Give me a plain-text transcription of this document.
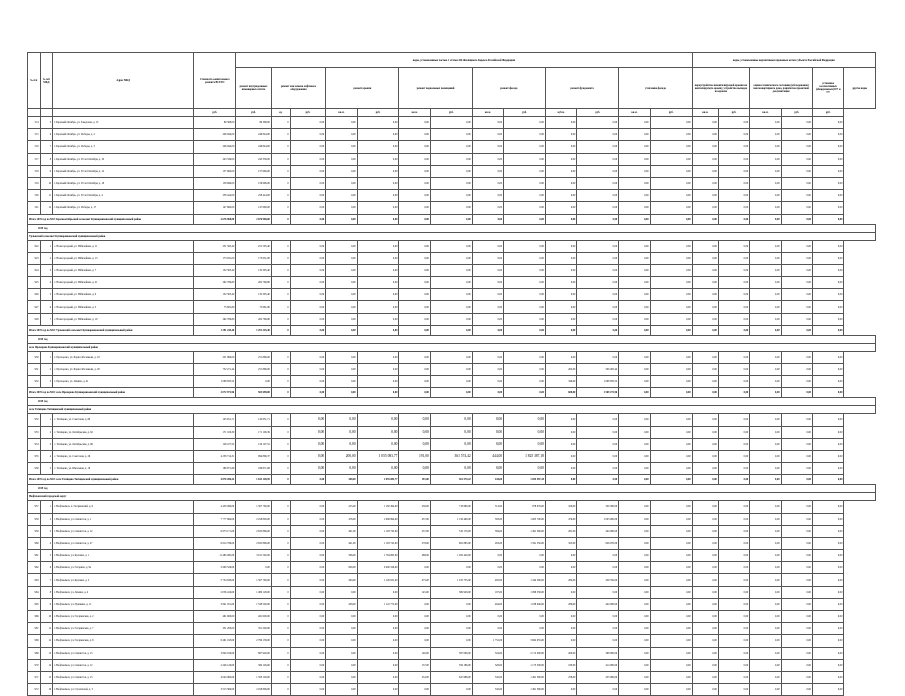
№ п/п	№ п/п МКД	Адрес МКД	Стоимость капитального ремонта ВСЕГО	виды, установленные частью 1 статьи 166 Жилищного Кодекса Российской Федерации													виды, установленные нормативным правовым актом субъекта Российской Федерации					
				ремонт внутридомовых инженерных систем	ремонт или замена лифтового оборудования		ремонт крыши		ремонт подвальных помещений		ремонт фасада		ремонт фундамента		утепление фасада		переустройство невентилируемой крыши на вентилируемую крышу, устройство выходов на кровлю		оценка технического состояния (обследование) многоквартирного дома, разработка проектной документации		установка коллективных (общедомовых) ПУ и УУ	другие виды
			руб.	руб.	ед.	руб.	кв.м.	руб.	кв.м.	руб.	кв.м.	руб.	куб.м.	руб.	кв.м.	руб.	кв.м.	руб.	кв.м.	руб.	руб.	
514	5	г. Красный Октябрь, ул. Заводская, д. 15	89 368,00	89 368,00	0	0,00	0,00	0,00	0,00	0,00	0,00	0,00	0,00	0,00	0,00	0,00	0,00	0,00	0,00	0,00	0,00	
515	6	г. Красный Октябрь, ул. Победы, д. 2	246 844,00	246 844,00	0	0,00	0,00	0,00	0,00	0,00	0,00	0,00	0,00	0,00	0,00	0,00	0,00	0,00	0,00	0,00	0,00	
516	7	г. Красный Октябрь, ул. Победы, д. 3	246 844,00	246 844,00	0	0,00	0,00	0,00	0,00	0,00	0,00	0,00	0,00	0,00	0,00	0,00	0,00	0,00	0,00	0,00	0,00	
517	8	г. Красный Октябрь, ул. 50 лет Октября, д. 10	243 336,00	243 336,00	0	0,00	0,00	0,00	0,00	0,00	0,00	0,00	0,00	0,00	0,00	0,00	0,00	0,00	0,00	0,00	0,00	
518	9	г. Красный Октябрь, ул. 50 лет Октября, д. 12	157 660,00	157 660,00	0	0,00	0,00	0,00	0,00	0,00	0,00	0,00	0,00	0,00	0,00	0,00	0,00	0,00	0,00	0,00	0,00	
519	10	г. Красный Октябрь, ул. 50 лет Октября, д. 18	158 696,00	158 696,00	0	0,00	0,00	0,00	0,00	0,00	0,00	0,00	0,00	0,00	0,00	0,00	0,00	0,00	0,00	0,00	0,00	
520	11	г. Красный Октябрь, ул. 50 лет Октября, д. 4	258 424,00	258 424,00	0	0,00	0,00	0,00	0,00	0,00	0,00	0,00	0,00	0,00	0,00	0,00	0,00	0,00	0,00	0,00	0,00	
521	12	г. Красный Октябрь, ул. Победы, д. 17	147 660,00	147 660,00	0	0,00	0,00	0,00	0,00	0,00	0,00	0,00	0,00	0,00	0,00	0,00	0,00	0,00	0,00	0,00	0,00	
Итого 2019 год по МО: Красноотябрьский сельсовет Кушнаренковский муниципальный район			2 676 968,00	2 676 968,00	0	0,00	0,00	0,00	0,00	0,00	0,00	0,00	0,00	0,00	0,00	0,00	0,00	0,00	0,00	0,00	0,00	
2019 год																						
Урлыкский сельсовет Кушнаренковский муниципальный район																						
922	1	с. Новогородный, ул. Юбилейная, д. 11	251 595,40	251 595,40	0	0,00	0,00	0,00	0,00	0,00	0,00	0,00	0,00	0,00	0,00	0,00	0,00	0,00	0,00	0,00	0,00	
923	2	с. Новогородный, ул. Юбилейная, д. 13	173 631,00	173 631,00	0	0,00	0,00	0,00	0,00	0,00	0,00	0,00	0,00	0,00	0,00	0,00	0,00	0,00	0,00	0,00	0,00	
924	3	с. Новогородный, ул. Юбилейная, д. 7	132 395,40	132 395,40	0	0,00	0,00	0,00	0,00	0,00	0,00	0,00	0,00	0,00	0,00	0,00	0,00	0,00	0,00	0,00	0,00	
925	4	с. Новогородный, ул. Юбилейная, д. 21	262 769,80	262 769,80	0	0,00	0,00	0,00	0,00	0,00	0,00	0,00	0,00	0,00	0,00	0,00	0,00	0,00	0,00	0,00	0,00	
926	5	с. Новогородный, ул. Юбилейная, д. 9	132 395,40	132 395,40	0	0,00	0,00	0,00	0,00	0,00	0,00	0,00	0,00	0,00	0,00	0,00	0,00	0,00	0,00	0,00	0,00	
927	6	с. Новогородный, ул. Юбилейная, д. 3	75 681,80	75 681,80	0	0,00	0,00	0,00	0,00	0,00	0,00	0,00	0,00	0,00	0,00	0,00	0,00	0,00	0,00	0,00	0,00	
928	7	с. Новогородный, ул. Юбилейная, д. 19	262 769,80	262 769,80	0	0,00	0,00	0,00	0,00	0,00	0,00	0,00	0,00	0,00	0,00	0,00	0,00	0,00	0,00	0,00	0,00	
Итого 2019 год по МО: Урлыкский сельсовет Кушнаренковский муниципальный район			1 291 245,40	1 291 245,40	0	0,00	0,00	0,00	0,00	0,00	0,00	0,00	0,00	0,00	0,00	0,00	0,00	0,00	0,00	0,00	0,00	
2019 год																						
село Прохорово Кушнаренковский муниципальный район																						
930	1	с. Прохорово, ул. Бориса Ресенкова, д. 18	251 866,00	251 866,00	0	0,00	0,00	0,00	0,00	0,00	0,00	0,00	0,00	0,00	0,00	0,00	0,00	0,00	0,00	0,00	0,00	
931	2	с. Прохорово, ул. Бориса Ресенкова, д. 20	752 271,44	251 866,00	0	0,00	0,00	0,00	0,00	0,00	0,00	0,00	262,00	500 405,44	0,00	0,00	0,00	0,00	0,00	0,00	0,00	
932	3	с. Прохорово, ул. Ленина, д. 41	1 068 835,52	0,00	0	0,00	0,00	0,00	0,00	0,00	0,00	0,00	346,00	1 068 835,52	0,00	0,00	0,00	0,00	0,00	0,00	0,00	
Итого 2019 год по МО: село Прохорово Кушнаренковский муниципальный район			2 072 972,96	503 698,00	0	0,00	0,00	0,00	0,00	0,00	0,00	0,00	608,00	1 569 272,96	0,00	0,00	0,00	0,00	0,00	0,00	0,00	
2019 год																						
село Татищево Татищевский муниципальный район																						
952	1	с. Татищево, ул. Советская, д. 60	145 651,71	145 651,71	0	0,00	0,00	0,00	0,00	0,00	0,00	0,00	0,00	0,00	0,00	0,00	0,00	0,00	0,00	0,00	0,00	
953	2	с. Татищево, ул. Октябрьская, д. 62	171 106,39	171 106,39	0	0,00	0,00	0,00	0,00	0,00	0,00	0,00	0,00	0,00	0,00	0,00	0,00	0,00	0,00	0,00	0,00	
954	3	с. Татищево, ул. Октябрьская, д. 66	126 107,52	126 107,52	0	0,00	0,00	0,00	0,00	0,00	0,00	0,00	0,00	0,00	0,00	0,00	0,00	0,00	0,00	0,00	0,00	
955	4	с. Татищево, ул. Советская, д. 26	4 238 714,31	994 866,37	0	0,00	200,00	1 055 083,77	191,00	361 574,42	444,00	1 825 387,18	0,00	0,00	0,00	0,00	0,00	0,00	0,00	0,00	0,00	
956	5	с. Татищево, ул. Школьная, д. 16	189 871,68	189 871,68	0	0,00	0,00	0,00	0,00	0,00	0,00	0,00	0,00	0,00	0,00	0,00	0,00	0,00	0,00	0,00	0,00	
Итого 2019 год по МО: село Татищево Татищевский муниципальный район			4 870 286,24	1 633 148,95	0	0,00	200,00	1 055 083,77	191,00	361 574,42	444,00	1 825 387,18	0,00	0,00	0,00	0,00	0,00	0,00	0,00	0,00	0,00	
2019 год																						
Нефтекамский городской округ																						
957	1	г. Нефтекамск, п. Гагаринский, д. 6	4 450 490,00	1 567 760,00	0	0,00	225,00	1 182 364,00	230,00	718 680,00	513,00	878 979,00	320,00	320 300,00	0,00	0,00	0,00	0,00	0,00	0,00	0,00	
958	2	г. Нефтекамск, ул. Связистов, д. 1	7 777 884,00	2 018 800,00	0	0,00	476,00	1 999 894,00	457,00	1 156 490,00	583,00	1 603 700,00	476,00	1 003 000,00	0,00	0,00	0,00	0,00	0,00	0,00	0,00	
959	3	г. Нефтекамск, ул. Связистов, д. 12	6 973 171,00	2 635 866,00	0	0,00	401,00	1 193 745,00	257,00	516 170,00	384,00	1 491 390,00	281,00	444 000,00	0,00	0,00	0,00	0,00	0,00	0,00	0,00	
960	4	г. Нефтекамск, ул. Связистов, д. 27	6 914 796,00	2 635 866,00	0	0,00	401,00	1 193 745,00	278,00	681 865,00	263,00	1 591 350,00	325,00	826 970,00	0,00	0,00	0,00	0,00	0,00	0,00	0,00	
961	5	г. Нефтекамск, ул. Красина, д. 1	11 480 485,00	3 611 592,00	0	0,00	596,00	1 794 665,00	488,00	1 282 420,00	0,00	0,00	0,00	0,00	0,00	0,00	0,00	0,00	0,00	0,00	0,00	
962	6	г. Нефтекамск, ул. Гагарина, д. 9а	2 900 526,00	0,00	0	0,00	609,00	2 900 526,00	0,00	0,00	0,00	0,00	0,00	0,00	0,00	0,00	0,00	0,00	0,00	0,00	0,00	
963	7	г. Нефтекамск, ул. Красина, д. 5	5 734 630,00	1 567 760,00	0	0,00	284,00	1 126 931,00	475,00	1 235 755,00	485,00	1 344 560,00	284,00	459 550,00	0,00	0,00	0,00	0,00	0,00	0,00	0,00	
964	8	г. Нефтекамск, ул. Ленина, д. 4	2 056 416,00	1 489 128,00	0	0,00	0,00	0,00	145,00	369 928,00	197,00	1 098 358,00	0,00	0,00	0,00	0,00	0,00	0,00	0,00	0,00	0,00	
965	9	г. Нефтекамск, ул. Пушкина, д. 11	3 841 051,00	1 538 500,00	0	0,00	208,00	1 122 772,00	0,00	0,00	464,00	1 038 946,00	286,00	444 000,00	0,00	0,00	0,00	0,00	0,00	0,00	0,00	
966	10	г. Нефтекамск, ул. Гагаринская, д. 2	461 600,00	461 600,00	0	0,00	0,00	0,00	0,00	0,00	0,00	0,00	0,00	0,00	0,00	0,00	0,00	0,00	0,00	0,00	0,00	
967	11	г. Нефтекамск, ул. Гагаринская, д. 7	351 200,00	351 200,00	0	0,00	0,00	0,00	0,00	0,00	0,00	0,00	0,00	0,00	0,00	0,00	0,00	0,00	0,00	0,00	0,00	
968	12	г. Нефтекамск, ул. Гагаринская, д. 8	6 461 193,00	2 799 138,00	0	0,00	0,00	0,00	0,00	0,00	1 752,00	3 662 055,00	0,00	0,00	0,00	0,00	0,00	0,00	0,00	0,00	0,00	
969	13	г. Нефтекамск, ул. Связистов, д. 13	3 840 106,00	867 926,00	0	0,00	0,00	0,00	140,00	387 090,00	324,00	2 172 000,00	260,00	398 000,00	0,00	0,00	0,00	0,00	0,00	0,00	0,00	
970	14	г. Нефтекамск, ул. Связистов, д. 12	2 246 126,00	384 126,00	0	0,00	0,00	0,00	137,00	356 186,00	326,00	1 173 500,00	180,00	414 000,00	0,00	0,00	0,00	0,00	0,00	0,00	0,00	
971	15	г. Нефтекамск, ул. Связистов, д. 13	4 044 060,00	1 358 128,00	0	0,00	0,00	0,00	252,00	647 686,00	345,00	1 491 390,00	258,00	455 000,00	0,00	0,00	0,00	0,00	0,00	0,00	0,00	
972	16	г. Нефтекамск, ул. Строителей, д. 3	3 513 360,00	2 018 806,00	0	0,00	0,00	0,00	0,00	0,00	345,00	1 491 390,00	0,00	0,00	0,00	0,00	0,00	0,00	0,00	0,00	0,00	
